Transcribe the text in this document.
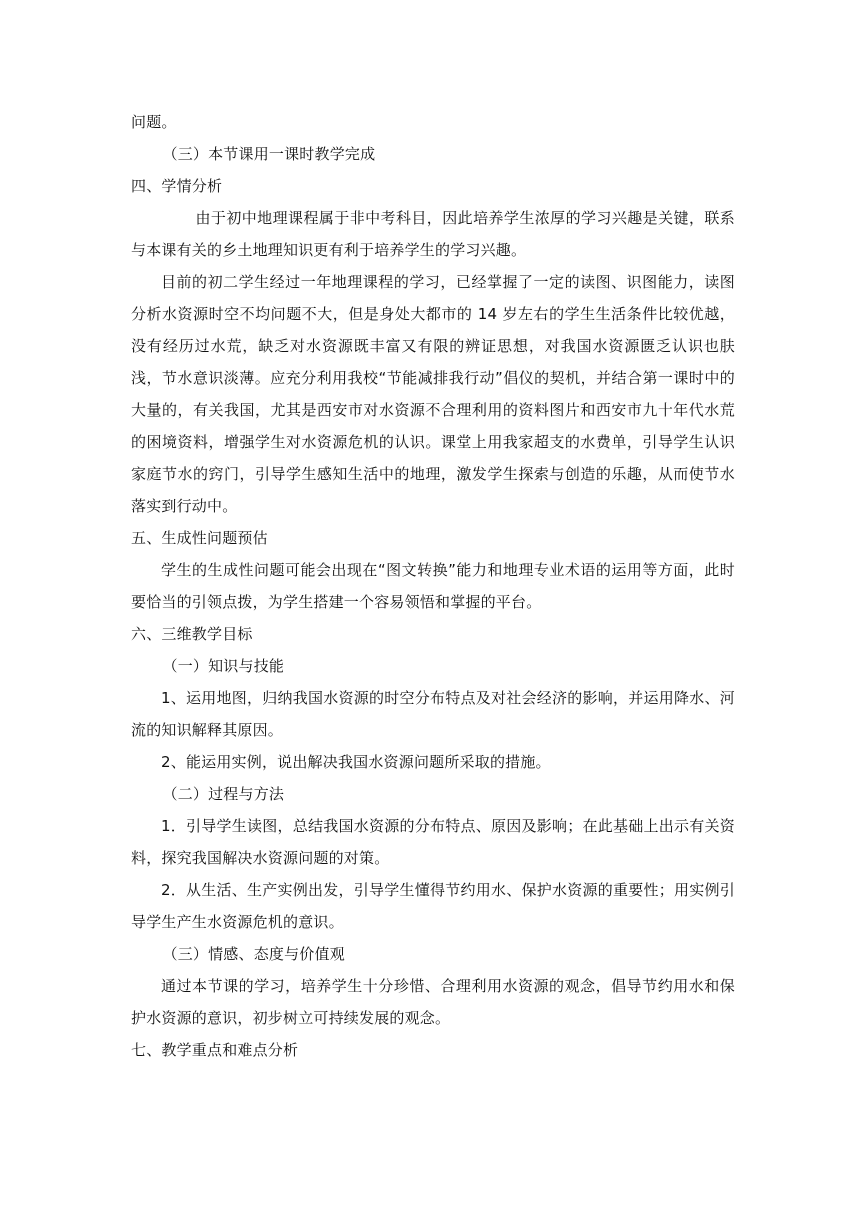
问题。

（三）本节课用一课时教学完成

四、学情分析

由于初中地理课程属于非中考科目，因此培养学生浓厚的学习兴趣是关键，联系与本课有关的乡土地理知识更有利于培养学生的学习兴趣。

目前的初二学生经过一年地理课程的学习，已经掌握了一定的读图、识图能力，读图分析水资源时空不均问题不大，但是身处大都市的 14 岁左右的学生生活条件比较优越，没有经历过水荒，缺乏对水资源既丰富又有限的辨证思想，对我国水资源匮乏认识也肤浅，节水意识淡薄。应充分利用我校“节能减排我行动”倡仪的契机，并结合第一课时中的大量的，有关我国，尤其是西安市对水资源不合理利用的资料图片和西安市九十年代水荒的困境资料，增强学生对水资源危机的认识。课堂上用我家超支的水费单，引导学生认识家庭节水的窍门，引导学生感知生活中的地理，激发学生探索与创造的乐趣，从而使节水落实到行动中。

五、生成性问题预估

学生的生成性问题可能会出现在“图文转换”能力和地理专业术语的运用等方面，此时要恰当的引领点拨，为学生搭建一个容易领悟和掌握的平台。

六、三维教学目标

（一）知识与技能

1、运用地图，归纳我国水资源的时空分布特点及对社会经济的影响，并运用降水、河流的知识解释其原因。

2、能运用实例，说出解决我国水资源问题所采取的措施。

（二）过程与方法

1．引导学生读图，总结我国水资源的分布特点、原因及影响；在此基础上出示有关资料，探究我国解决水资源问题的对策。

2．从生活、生产实例出发，引导学生懂得节约用水、保护水资源的重要性；用实例引导学生产生水资源危机的意识。

（三）情感、态度与价值观

通过本节课的学习，培养学生十分珍惜、合理利用水资源的观念，倡导节约用水和保护水资源的意识，初步树立可持续发展的观念。

七、教学重点和难点分析
